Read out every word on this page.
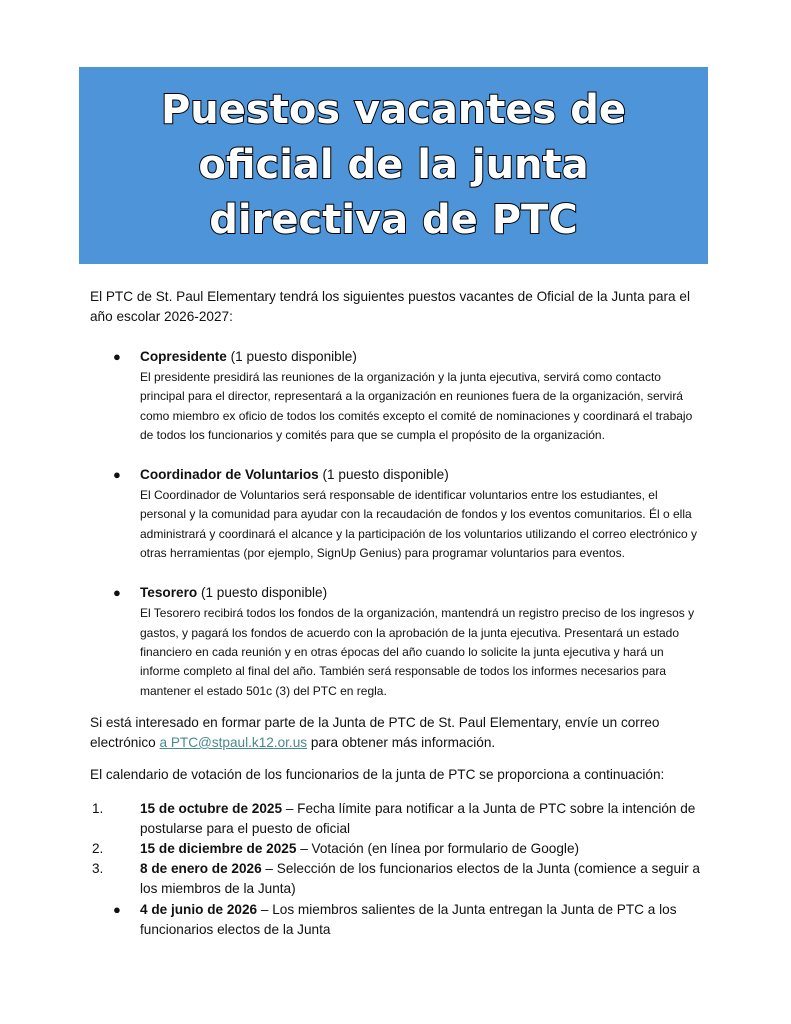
Puestos vacantes de
oficial de la junta
directiva de PTC

El PTC de St. Paul Elementary tendrá los siguientes puestos vacantes de Oficial de la Junta para el año escolar 2026-2027:

● Copresidente (1 puesto disponible)
El presidente presidirá las reuniones de la organización y la junta ejecutiva, servirá como contacto principal para el director, representará a la organización en reuniones fuera de la organización, servirá como miembro ex oficio de todos los comités excepto el comité de nominaciones y coordinará el trabajo de todos los funcionarios y comités para que se cumpla el propósito de la organización.
● Coordinador de Voluntarios (1 puesto disponible)
El Coordinador de Voluntarios será responsable de identificar voluntarios entre los estudiantes, el personal y la comunidad para ayudar con la recaudación de fondos y los eventos comunitarios. Él o ella administrará y coordinará el alcance y la participación de los voluntarios utilizando el correo electrónico y otras herramientas (por ejemplo, SignUp Genius) para programar voluntarios para eventos.
● Tesorero (1 puesto disponible)
El Tesorero recibirá todos los fondos de la organización, mantendrá un registro preciso de los ingresos y gastos, y pagará los fondos de acuerdo con la aprobación de la junta ejecutiva. Presentará un estado financiero en cada reunión y en otras épocas del año cuando lo solicite la junta ejecutiva y hará un informe completo al final del año. También será responsable de todos los informes necesarios para mantener el estado 501c (3) del PTC en regla.

Si está interesado en formar parte de la Junta de PTC de St. Paul Elementary, envíe un correo electrónico a PTC@stpaul.k12.or.us para obtener más información.

El calendario de votación de los funcionarios de la junta de PTC se proporciona a continuación:

1.	15 de octubre de 2025 – Fecha límite para notificar a la Junta de PTC sobre la intención de postularse para el puesto de oficial
2.	15 de diciembre de 2025 – Votación (en línea por formulario de Google)
3.	8 de enero de 2026 – Selección de los funcionarios electos de la Junta (comience a seguir a los miembros de la Junta)
● 4 de junio de 2026 – Los miembros salientes de la Junta entregan la Junta de PTC a los funcionarios electos de la Junta
